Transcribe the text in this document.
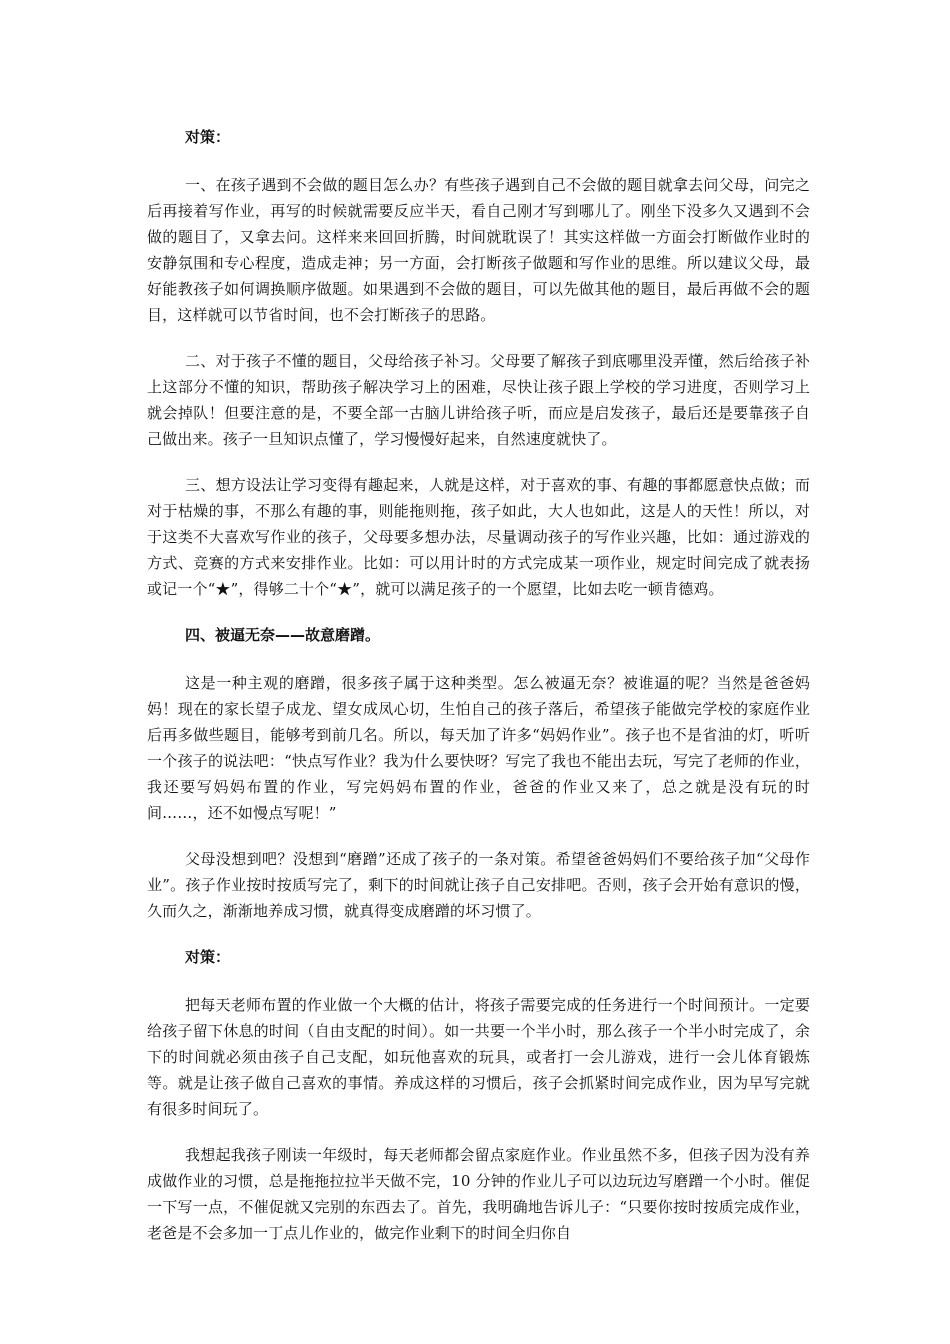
对策：

一、在孩子遇到不会做的题目怎么办？有些孩子遇到自己不会做的题目就拿去问父母，问完之后再接着写作业，再写的时候就需要反应半天，看自己刚才写到哪儿了。刚坐下没多久又遇到不会做的题目了，又拿去问。这样来来回回折腾，时间就耽误了！其实这样做一方面会打断做作业时的安静氛围和专心程度，造成走神；另一方面，会打断孩子做题和写作业的思维。所以建议父母，最好能教孩子如何调换顺序做题。如果遇到不会做的题目，可以先做其他的题目，最后再做不会的题目，这样就可以节省时间，也不会打断孩子的思路。

二、对于孩子不懂的题目，父母给孩子补习。父母要了解孩子到底哪里没弄懂，然后给孩子补上这部分不懂的知识，帮助孩子解决学习上的困难，尽快让孩子跟上学校的学习进度，否则学习上就会掉队！但要注意的是，不要全部一古脑儿讲给孩子听，而应是启发孩子，最后还是要靠孩子自己做出来。孩子一旦知识点懂了，学习慢慢好起来，自然速度就快了。

三、想方设法让学习变得有趣起来，人就是这样，对于喜欢的事、有趣的事都愿意快点做；而对于枯燥的事，不那么有趣的事，则能拖则拖，孩子如此，大人也如此，这是人的天性！所以，对于这类不大喜欢写作业的孩子，父母要多想办法，尽量调动孩子的写作业兴趣，比如：通过游戏的方式、竞赛的方式来安排作业。比如：可以用计时的方式完成某一项作业，规定时间完成了就表扬或记一个“★”，得够二十个“★”，就可以满足孩子的一个愿望，比如去吃一顿肯德鸡。

四、被逼无奈——故意磨蹭。

这是一种主观的磨蹭，很多孩子属于这种类型。怎么被逼无奈？被谁逼的呢？当然是爸爸妈妈！现在的家长望子成龙、望女成凤心切，生怕自己的孩子落后，希望孩子能做完学校的家庭作业后再多做些题目，能够考到前几名。所以，每天加了许多“妈妈作业”。孩子也不是省油的灯，听听一个孩子的说法吧：“快点写作业？我为什么要快呀？写完了我也不能出去玩，写完了老师的作业，我还要写妈妈布置的作业，写完妈妈布置的作业，爸爸的作业又来了，总之就是没有玩的时间……，还不如慢点写呢！”

父母没想到吧？没想到“磨蹭”还成了孩子的一条对策。希望爸爸妈妈们不要给孩子加“父母作业”。孩子作业按时按质写完了，剩下的时间就让孩子自己安排吧。否则，孩子会开始有意识的慢，久而久之，渐渐地养成习惯，就真得变成磨蹭的坏习惯了。

对策：

把每天老师布置的作业做一个大概的估计，将孩子需要完成的任务进行一个时间预计。一定要给孩子留下休息的时间（自由支配的时间）。如一共要一个半小时，那么孩子一个半小时完成了，余下的时间就必须由孩子自己支配，如玩他喜欢的玩具，或者打一会儿游戏，进行一会儿体育锻炼等。就是让孩子做自己喜欢的事情。养成这样的习惯后，孩子会抓紧时间完成作业，因为早写完就有很多时间玩了。

我想起我孩子刚读一年级时，每天老师都会留点家庭作业。作业虽然不多，但孩子因为没有养成做作业的习惯，总是拖拖拉拉半天做不完，10 分钟的作业儿子可以边玩边写磨蹭一个小时。催促一下写一点，不催促就又完别的东西去了。首先，我明确地告诉儿子：“只要你按时按质完成作业，老爸是不会多加一丁点儿作业的，做完作业剩下的时间全归你自
